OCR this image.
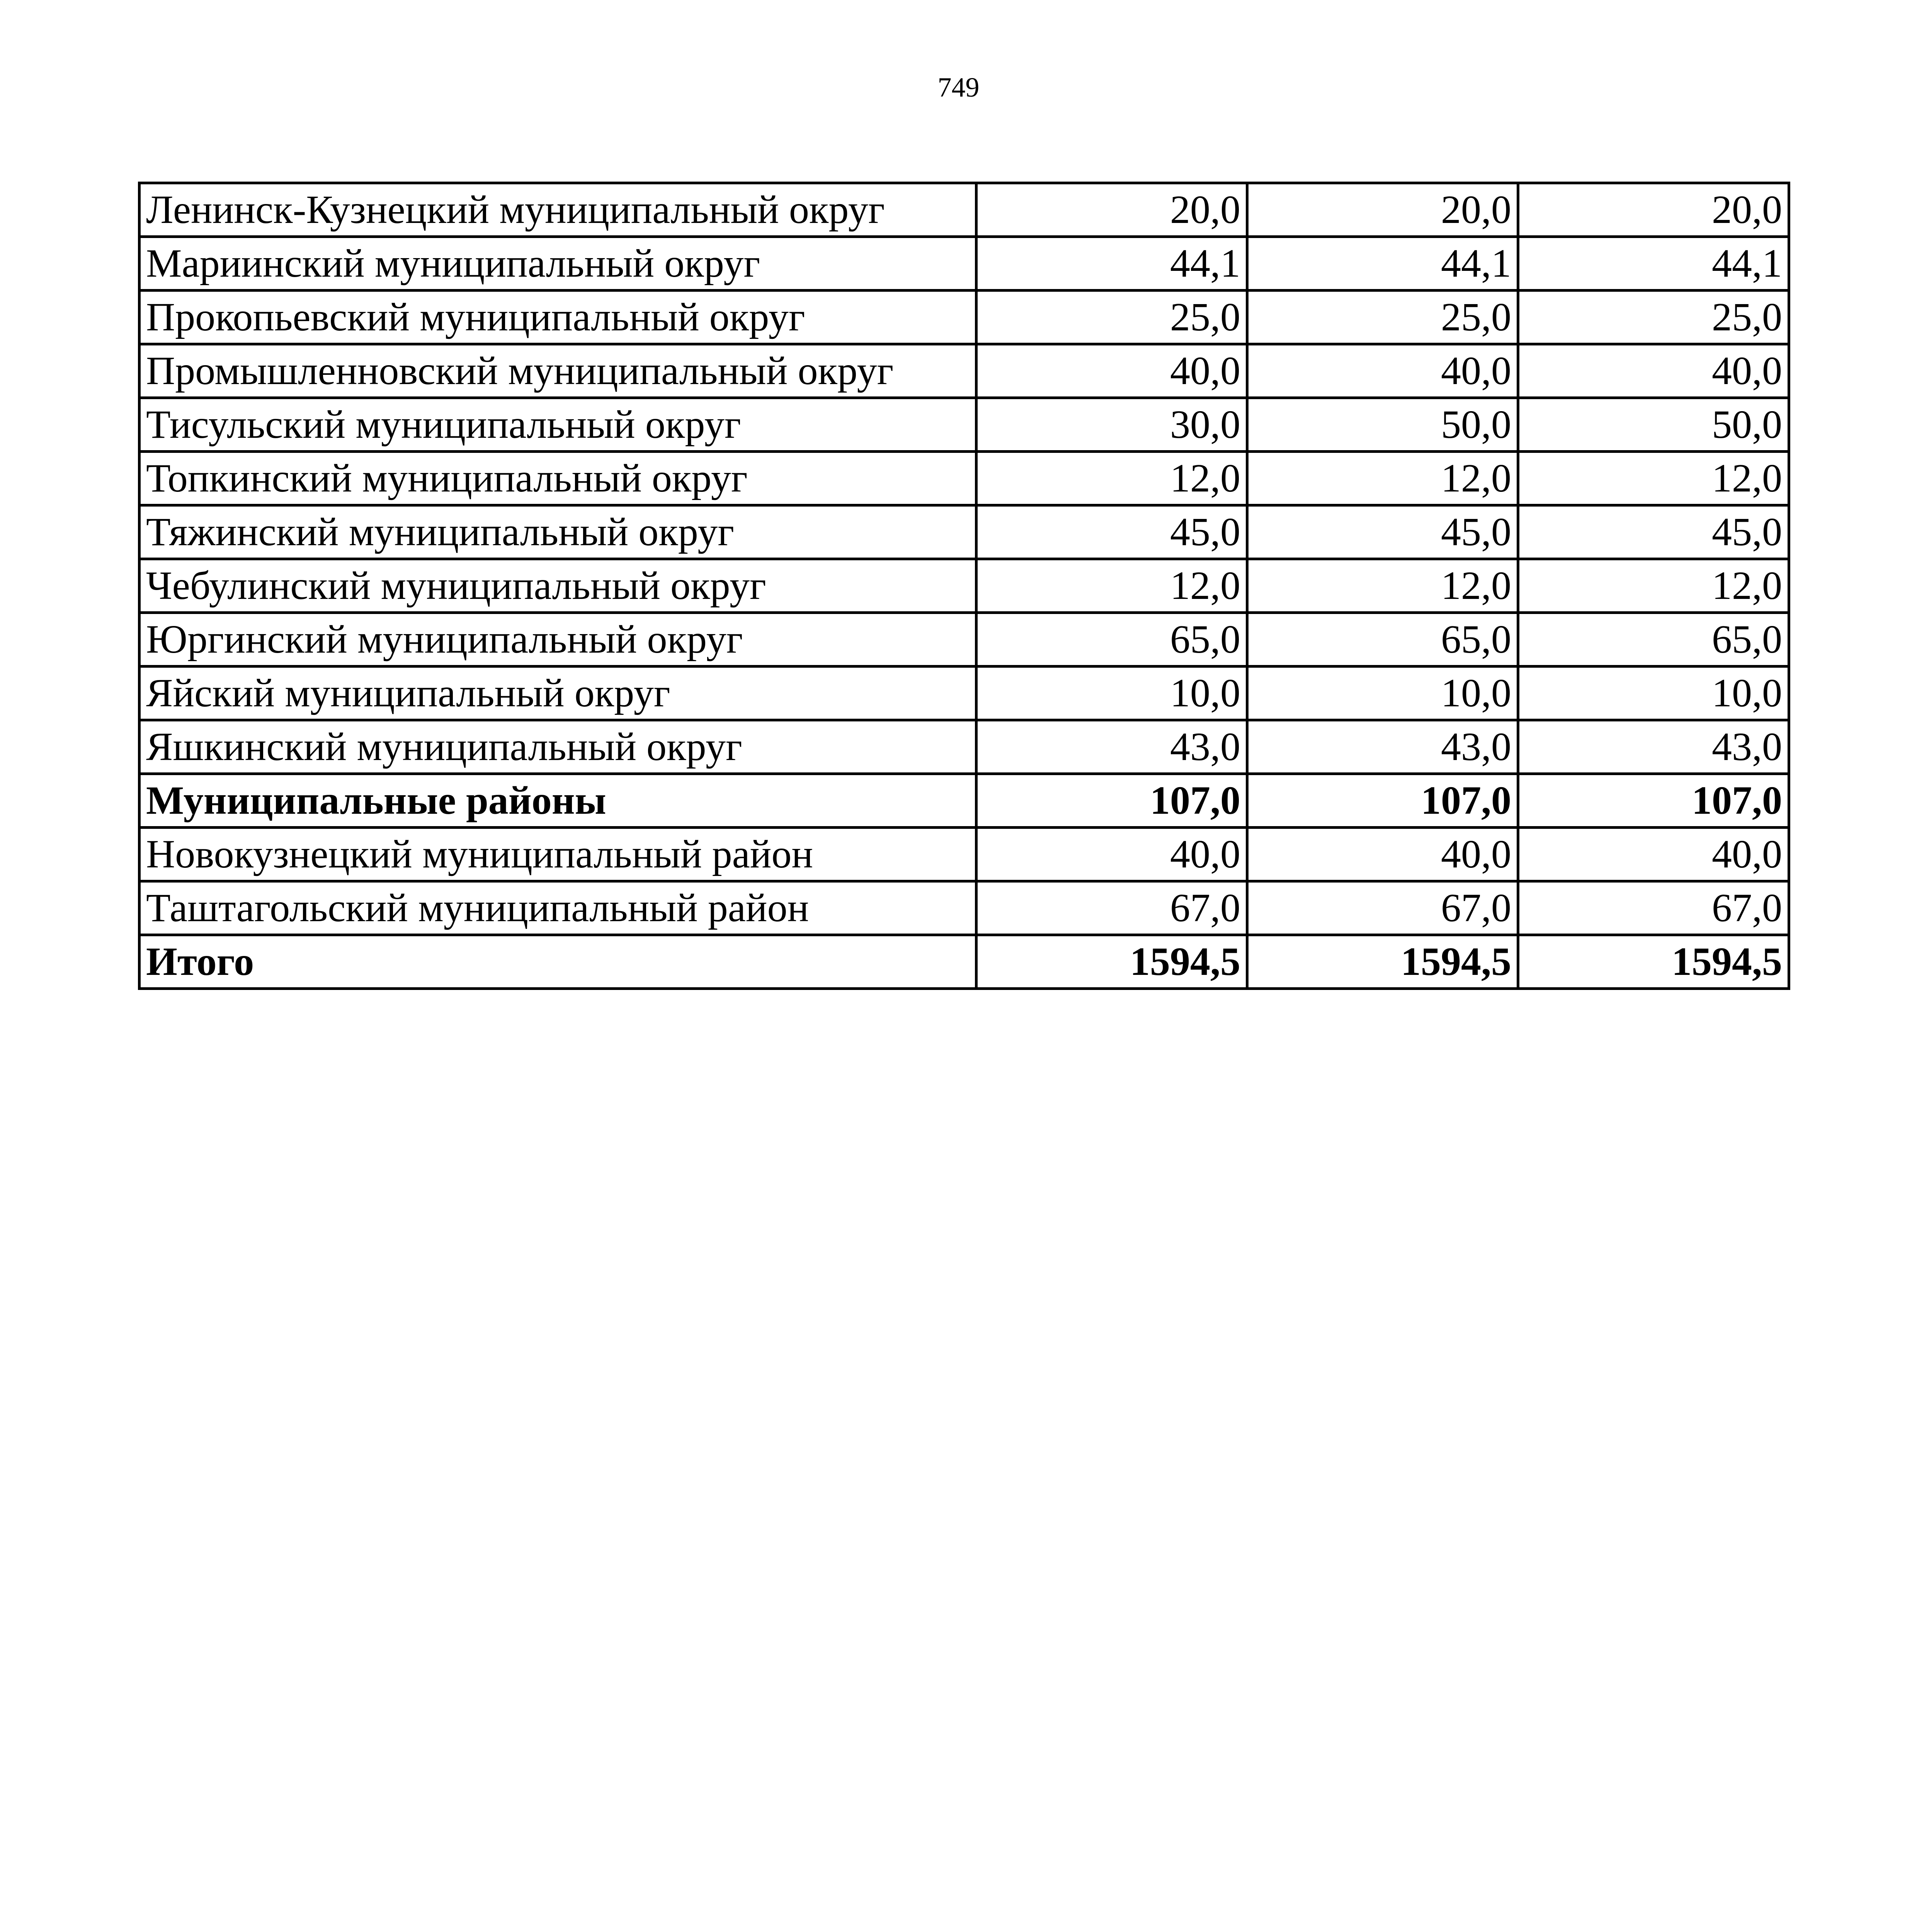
749
Ленинск-Кузнецкий муниципальный округ	20,0	20,0	20,0
Мариинский муниципальный округ	44,1	44,1	44,1
Прокопьевский муниципальный округ	25,0	25,0	25,0
Промышленновский муниципальный округ	40,0	40,0	40,0
Тисульский муниципальный округ	30,0	50,0	50,0
Топкинский муниципальный округ	12,0	12,0	12,0
Тяжинский муниципальный округ	45,0	45,0	45,0
Чебулинский муниципальный округ	12,0	12,0	12,0
Юргинский муниципальный округ	65,0	65,0	65,0
Яйский муниципальный округ	10,0	10,0	10,0
Яшкинский муниципальный округ	43,0	43,0	43,0
Муниципальные районы	107,0	107,0	107,0
Новокузнецкий муниципальный район	40,0	40,0	40,0
Таштагольский муниципальный район	67,0	67,0	67,0
Итого	1594,5	1594,5	1594,5
